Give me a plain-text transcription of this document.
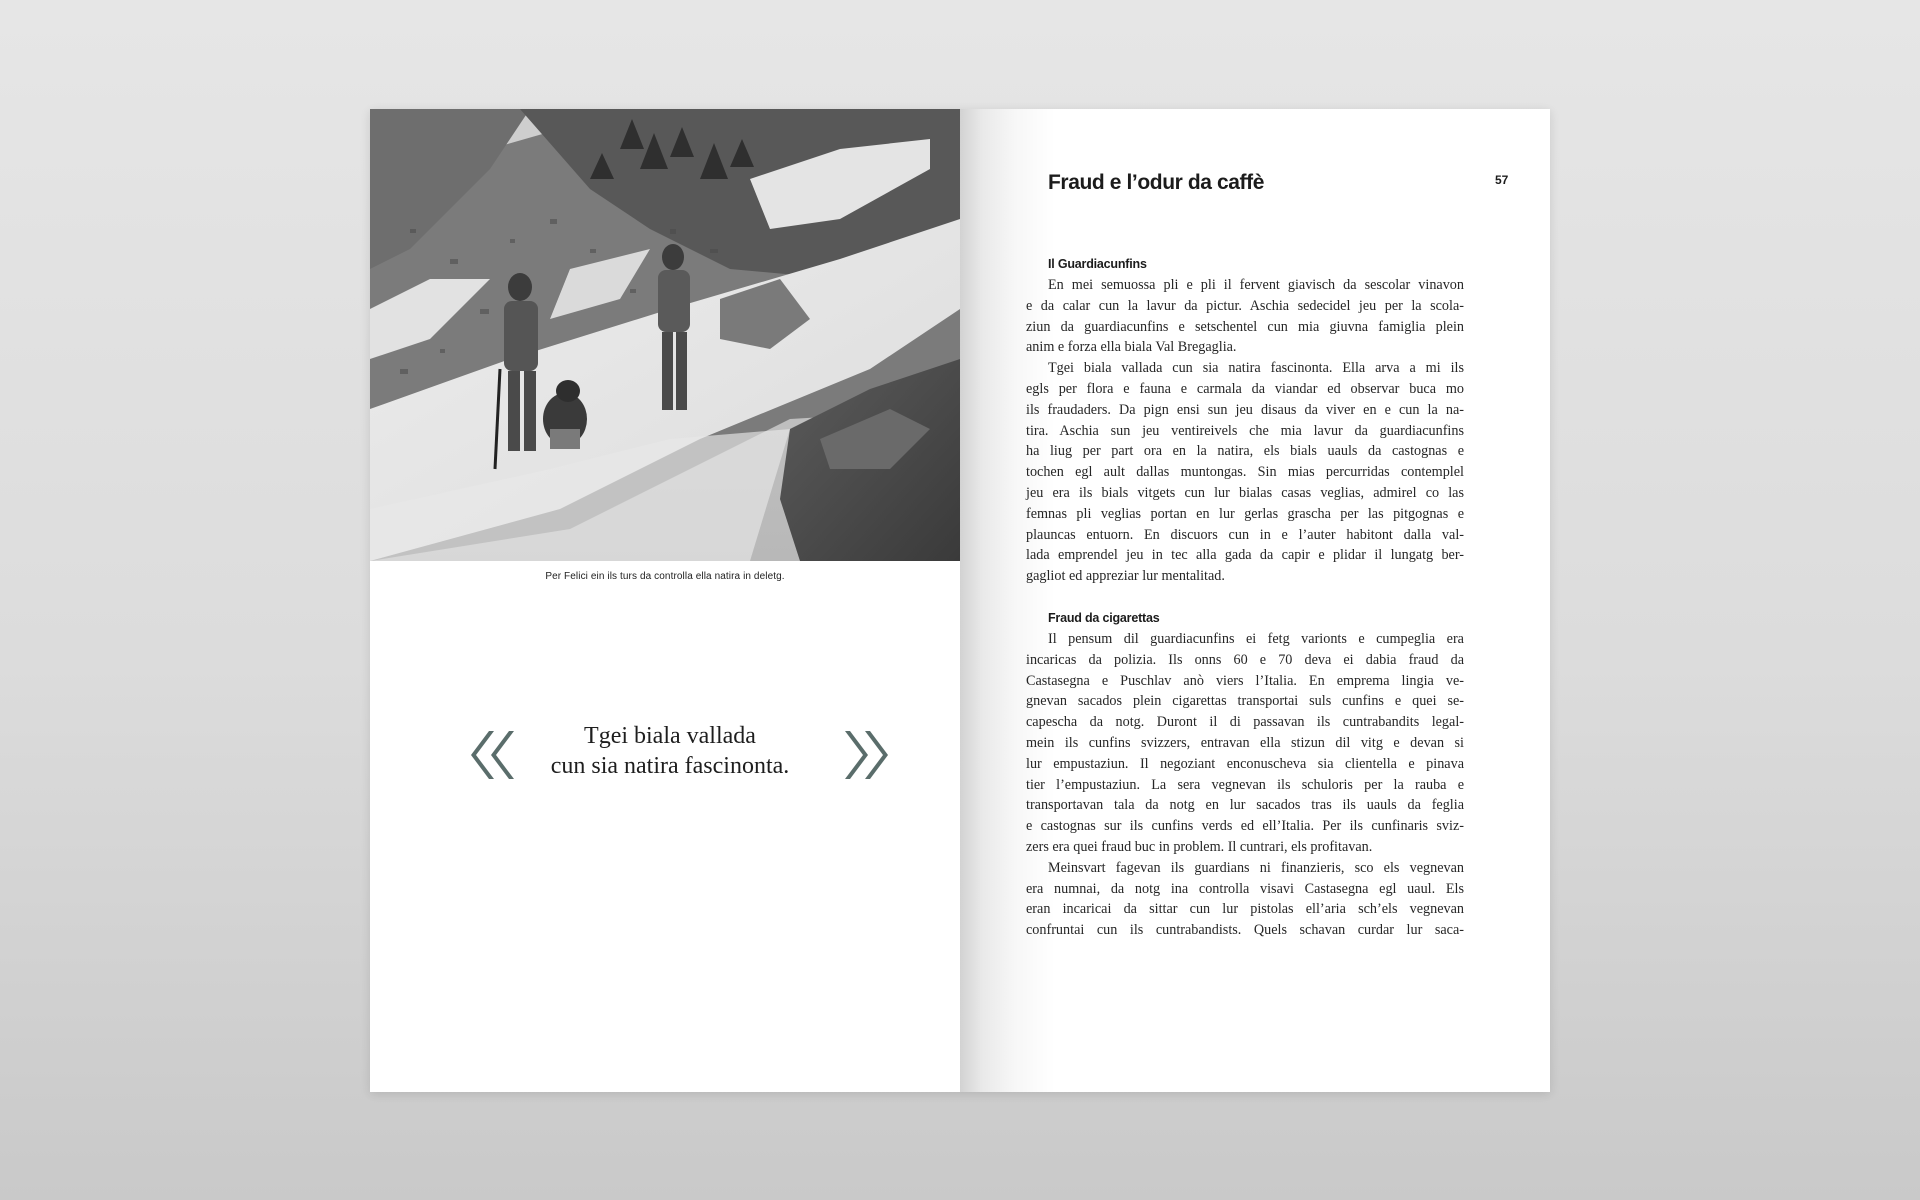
Per Felici ein ils turs da controlla ella natira in deletg.
Tgei biala vallada
cun sia natira fascinonta.
Fraud e l’odur da caffè	57
Il Guardiacunfins
En mei semuossa pli e pli il fervent giavisch da sescolar vinavon
e da calar cun la lavur da pictur. Aschia sedecidel jeu per la scola-
ziun da guardiacunfins e setschentel cun mia giuvna famiglia plein
anim e forza ella biala Val Bregaglia.
Tgei biala vallada cun sia natira fascinonta. Ella arva a mi ils
egls per flora e fauna e carmala da viandar ed observar buca mo
ils fraudaders. Da pign ensi sun jeu disaus da viver en e cun la na-
tira. Aschia sun jeu ventireivels che mia lavur da guardiacunfins
ha liug per part ora en la natira, els bials uauls da castognas e
tochen egl ault dallas muntongas. Sin mias percurridas contemplel
jeu era ils bials vitgets cun lur bialas casas veglias, admirel co las
femnas pli veglias portan en lur gerlas grascha per las pitgognas e
plauncas entuorn. En discuors cun in e l’auter habitont dalla val-
lada emprendel jeu in tec alla gada da capir e plidar il lungatg ber-
gagliot ed appreziar lur mentalitad.
Fraud da cigarettas
Il pensum dil guardiacunfins ei fetg varionts e cumpeglia era
incaricas da polizia. Ils onns 60 e 70 deva ei dabia fraud da
Castasegna e Puschlav anò viers l’Italia. En emprema lingia ve-
gnevan sacados plein cigarettas transportai suls cunfins e quei se-
capescha da notg. Duront il di passavan ils cuntrabandits legal-
mein ils cunfins svizzers, entravan ella stizun dil vitg e devan si
lur empustaziun. Il negoziant enconuscheva sia clientella e pinava
tier l’empustaziun. La sera vegnevan ils schuloris per la rauba e
transportavan tala da notg en lur sacados tras ils uauls da feglia
e castognas sur ils cunfins verds ed ell’Italia. Per ils cunfinaris sviz-
zers era quei fraud buc in problem. Il cuntrari, els profitavan.
Meinsvart fagevan ils guardians ni finanzieris, sco els vegnevan
era numnai, da notg ina controlla visavi Castasegna egl uaul. Els
eran incaricai da sittar cun lur pistolas ell’aria sch’els vegnevan
confruntai cun ils cuntrabandists. Quels schavan curdar lur saca-
